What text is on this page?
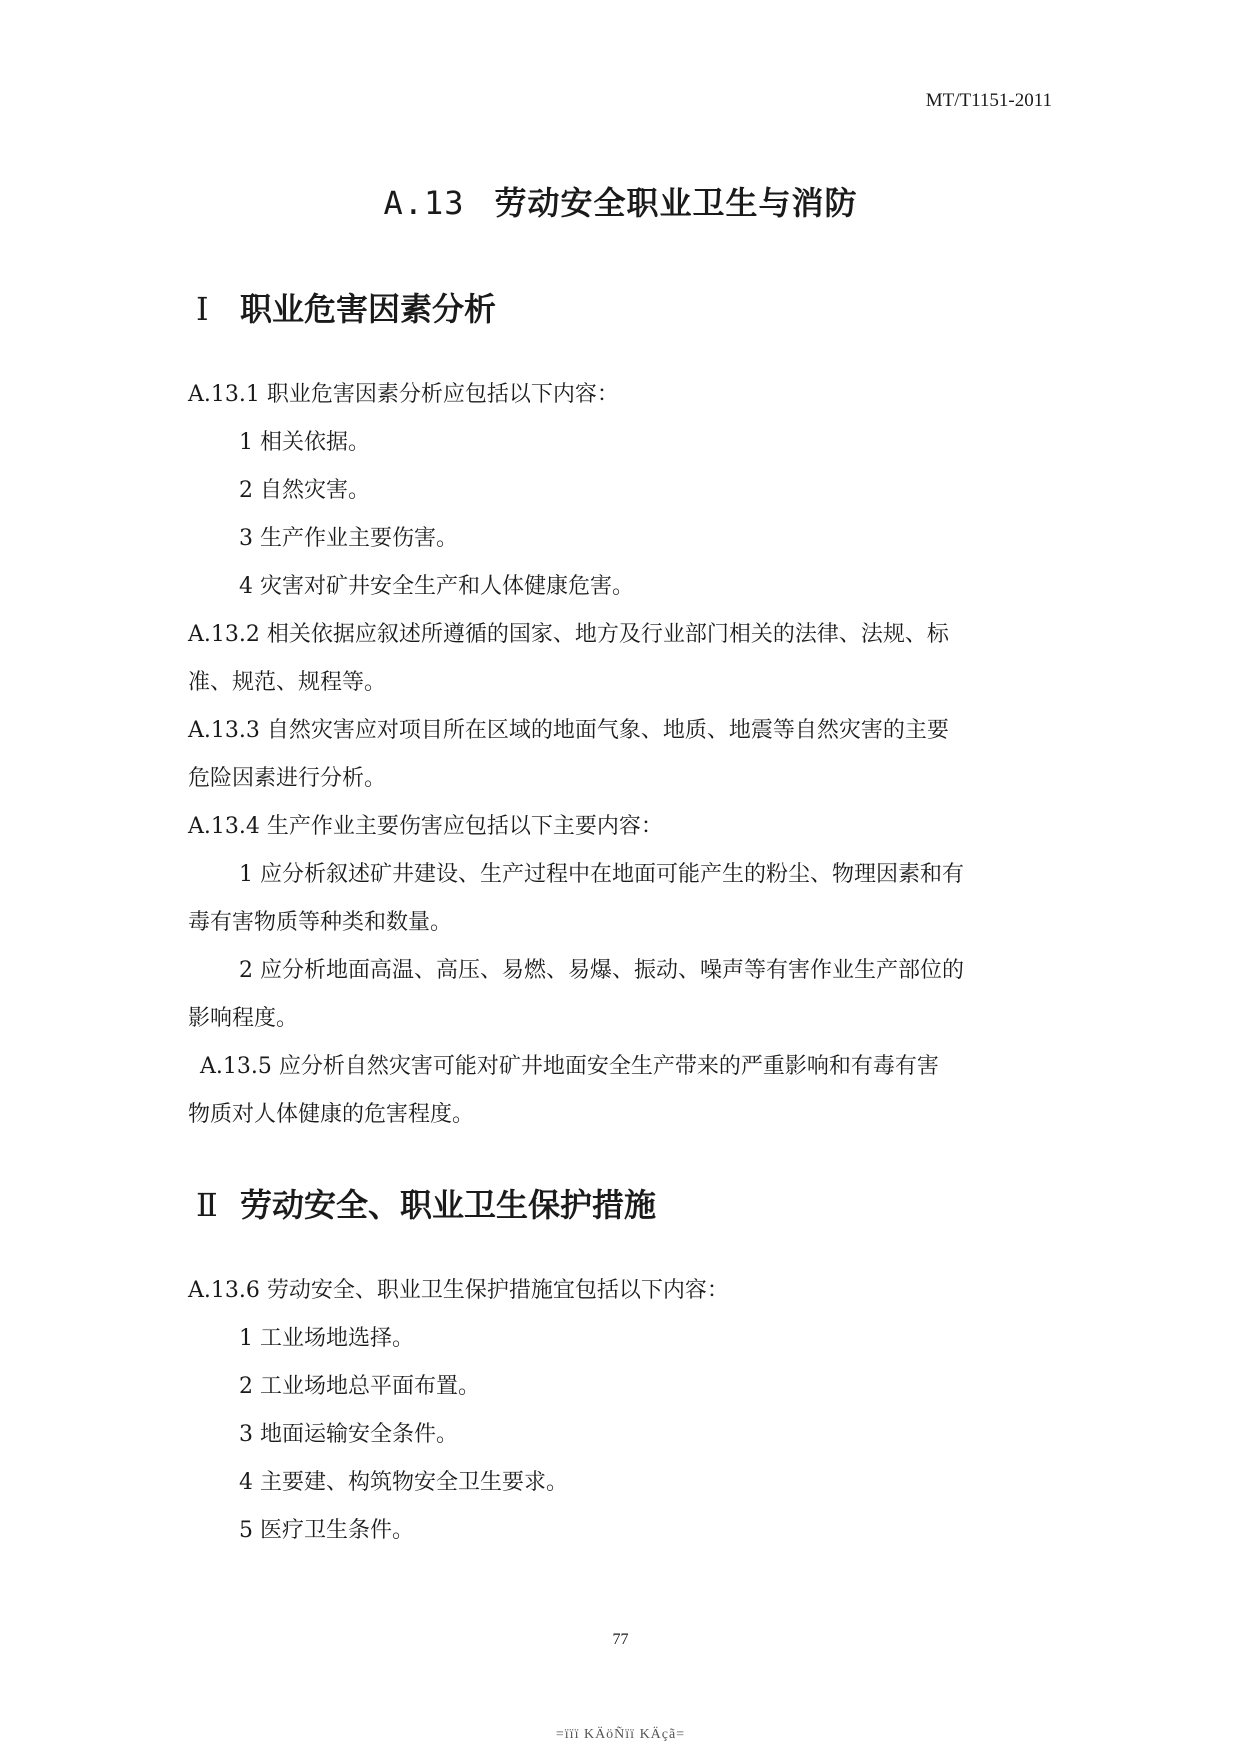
MT/T1151-2011
A.13 劳动安全职业卫生与消防
Ⅰ 职业危害因素分析
A.13.1 职业危害因素分析应包括以下内容：
1 相关依据。
2 自然灾害。
3 生产作业主要伤害。
4 灾害对矿井安全生产和人体健康危害。
A.13.2 相关依据应叙述所遵循的国家、地方及行业部门相关的法律、法规、标
准、规范、规程等。
A.13.3 自然灾害应对项目所在区域的地面气象、地质、地震等自然灾害的主要
危险因素进行分析。
A.13.4 生产作业主要伤害应包括以下主要内容：
1 应分析叙述矿井建设、生产过程中在地面可能产生的粉尘、物理因素和有
毒有害物质等种类和数量。
2 应分析地面高温、高压、易燃、易爆、振动、噪声等有害作业生产部位的
影响程度。
A.13.5 应分析自然灾害可能对矿井地面安全生产带来的严重影响和有毒有害
物质对人体健康的危害程度。
Ⅱ 劳动安全、职业卫生保护措施
A.13.6 劳动安全、职业卫生保护措施宜包括以下内容：
1 工业场地选择。
2 工业场地总平面布置。
3 地面运输安全条件。
4 主要建、构筑物安全卫生要求。
5 医疗卫生条件。
77
=ïïï KÄöÑïï KÄçã=
